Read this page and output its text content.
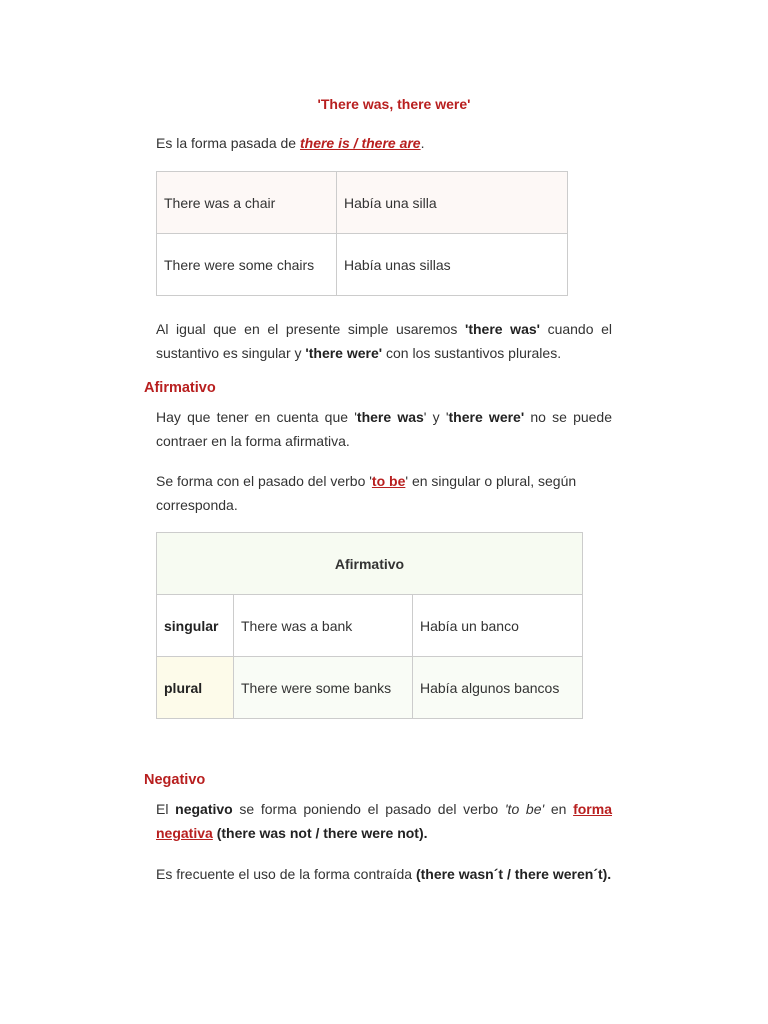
'There was, there were'
Es la forma pasada de there is / there are.
There was a chair	Había una silla
There were some chairs	Había unas sillas
Al igual que en el presente simple usaremos 'there was' cuando el sustantivo es singular y 'there were' con los sustantivos plurales.
Afirmativo
Hay que tener en cuenta que 'there was' y 'there were' no se puede contraer en la forma afirmativa.
Se forma con el pasado del verbo 'to be' en singular o plural, según corresponda.
Afirmativo		
singular	There was a bank	Había un banco
plural	There were some banks	Había algunos bancos
Negativo
El negativo se forma poniendo el pasado del verbo 'to be' en forma negativa (there was not / there were not).
Es frecuente el uso de la forma contraída (there wasn´t / there weren´t).
